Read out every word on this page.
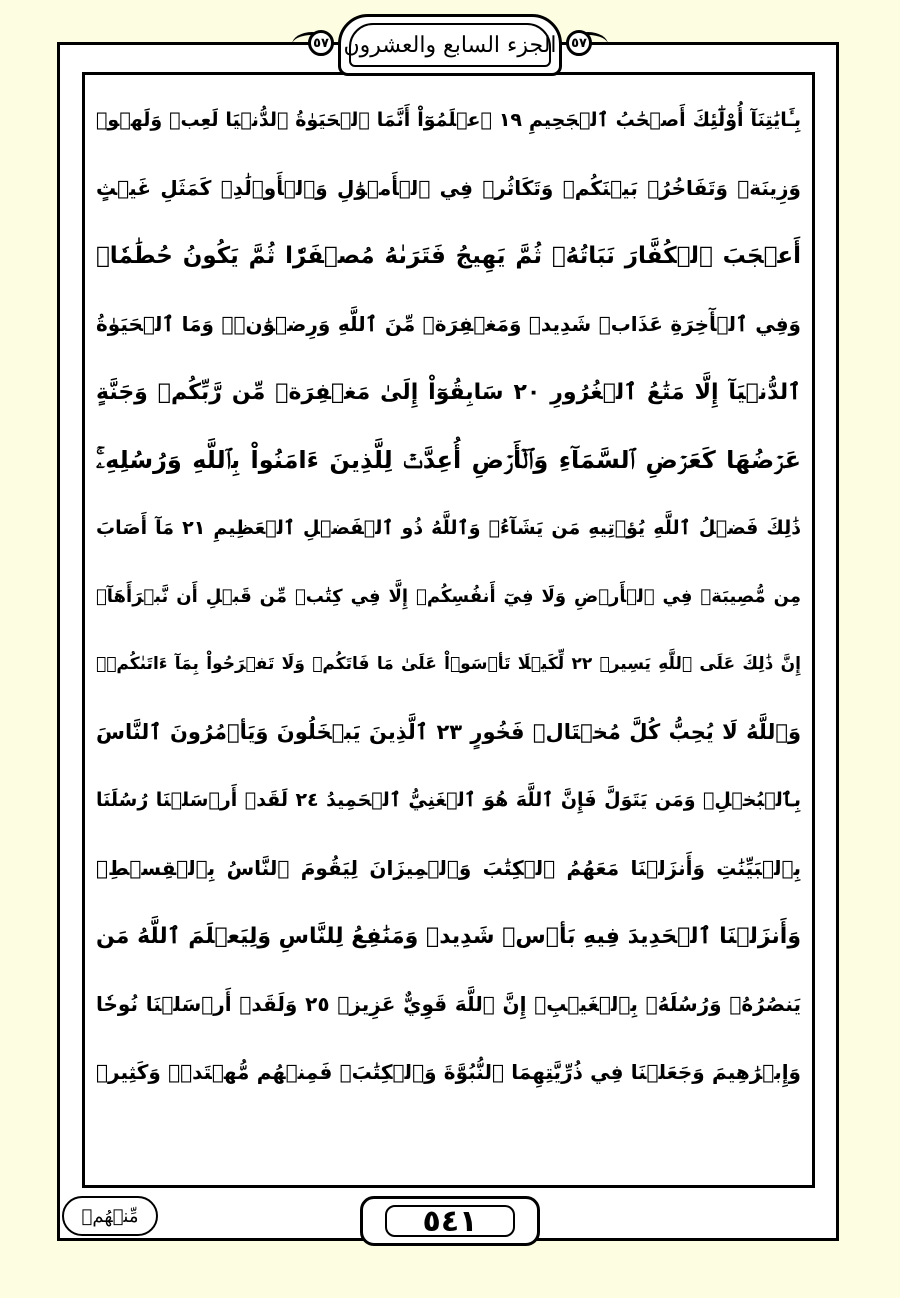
٥٧	٥٧
الجزء السابع والعشرون
بِـَٔايَٰتِنَآ أُوْلَٰٓئِكَ أَصۡحَٰبُ ٱلۡجَحِيمِ ١٩ ٱعۡلَمُوٓاْ أَنَّمَا ٱلۡحَيَوٰةُ ٱلدُّنۡيَا لَعِبٞ وَلَهۡوٞ
وَزِينَةٞ وَتَفَاخُرُۢ بَيۡنَكُمۡ وَتَكَاثُرٞ فِي ٱلۡأَمۡوَٰلِ وَٱلۡأَوۡلَٰدِۖ كَمَثَلِ غَيۡثٍ
أَعۡجَبَ ٱلۡكُفَّارَ نَبَاتُهُۥ ثُمَّ يَهِيجُ فَتَرَىٰهُ مُصۡفَرّٗا ثُمَّ يَكُونُ حُطَٰمٗاۖ
وَفِي ٱلۡأٓخِرَةِ عَذَابٞ شَدِيدٞ وَمَغۡفِرَةٞ مِّنَ ٱللَّهِ وَرِضۡوَٰنٞۚ وَمَا ٱلۡحَيَوٰةُ
ٱلدُّنۡيَآ إِلَّا مَتَٰعُ ٱلۡغُرُورِ ٢٠ سَابِقُوٓاْ إِلَىٰ مَغۡفِرَةٖ مِّن رَّبِّكُمۡ وَجَنَّةٍ
عَرۡضُهَا كَعَرۡضِ ٱلسَّمَآءِ وَٱلۡأَرۡضِ أُعِدَّتۡ لِلَّذِينَ ءَامَنُواْ بِٱللَّهِ وَرُسُلِهِۦۚ
ذَٰلِكَ فَضۡلُ ٱللَّهِ يُؤۡتِيهِ مَن يَشَآءُۚ وَٱللَّهُ ذُو ٱلۡفَضۡلِ ٱلۡعَظِيمِ ٢١ مَآ أَصَابَ
مِن مُّصِيبَةٖ فِي ٱلۡأَرۡضِ وَلَا فِيٓ أَنفُسِكُمۡ إِلَّا فِي كِتَٰبٖ مِّن قَبۡلِ أَن نَّبۡرَأَهَآۚ
إِنَّ ذَٰلِكَ عَلَى ٱللَّهِ يَسِيرٞ ٢٢ لِّكَيۡلَا تَأۡسَوۡاْ عَلَىٰ مَا فَاتَكُمۡ وَلَا تَفۡرَحُواْ بِمَآ ءَاتَىٰكُمۡۗ
وَٱللَّهُ لَا يُحِبُّ كُلَّ مُخۡتَالٖ فَخُورٍ ٢٣ ٱلَّذِينَ يَبۡخَلُونَ وَيَأۡمُرُونَ ٱلنَّاسَ
بِٱلۡبُخۡلِۗ وَمَن يَتَوَلَّ فَإِنَّ ٱللَّهَ هُوَ ٱلۡغَنِيُّ ٱلۡحَمِيدُ ٢٤ لَقَدۡ أَرۡسَلۡنَا رُسُلَنَا
بِٱلۡبَيِّنَٰتِ وَأَنزَلۡنَا مَعَهُمُ ٱلۡكِتَٰبَ وَٱلۡمِيزَانَ لِيَقُومَ ٱلنَّاسُ بِٱلۡقِسۡطِۖ
وَأَنزَلۡنَا ٱلۡحَدِيدَ فِيهِ بَأۡسٞ شَدِيدٞ وَمَنَٰفِعُ لِلنَّاسِ وَلِيَعۡلَمَ ٱللَّهُ مَن
يَنصُرُهُۥ وَرُسُلَهُۥ بِٱلۡغَيۡبِۚ إِنَّ ٱللَّهَ قَوِيٌّ عَزِيزٞ ٢٥ وَلَقَدۡ أَرۡسَلۡنَا نُوحٗا
وَإِبۡرَٰهِيمَ وَجَعَلۡنَا فِي ذُرِّيَّتِهِمَا ٱلنُّبُوَّةَ وَٱلۡكِتَٰبَۖ فَمِنۡهُم مُّهۡتَدٖۖ وَكَثِيرٞ
مِّنۡهُمۡ	٥٤١
